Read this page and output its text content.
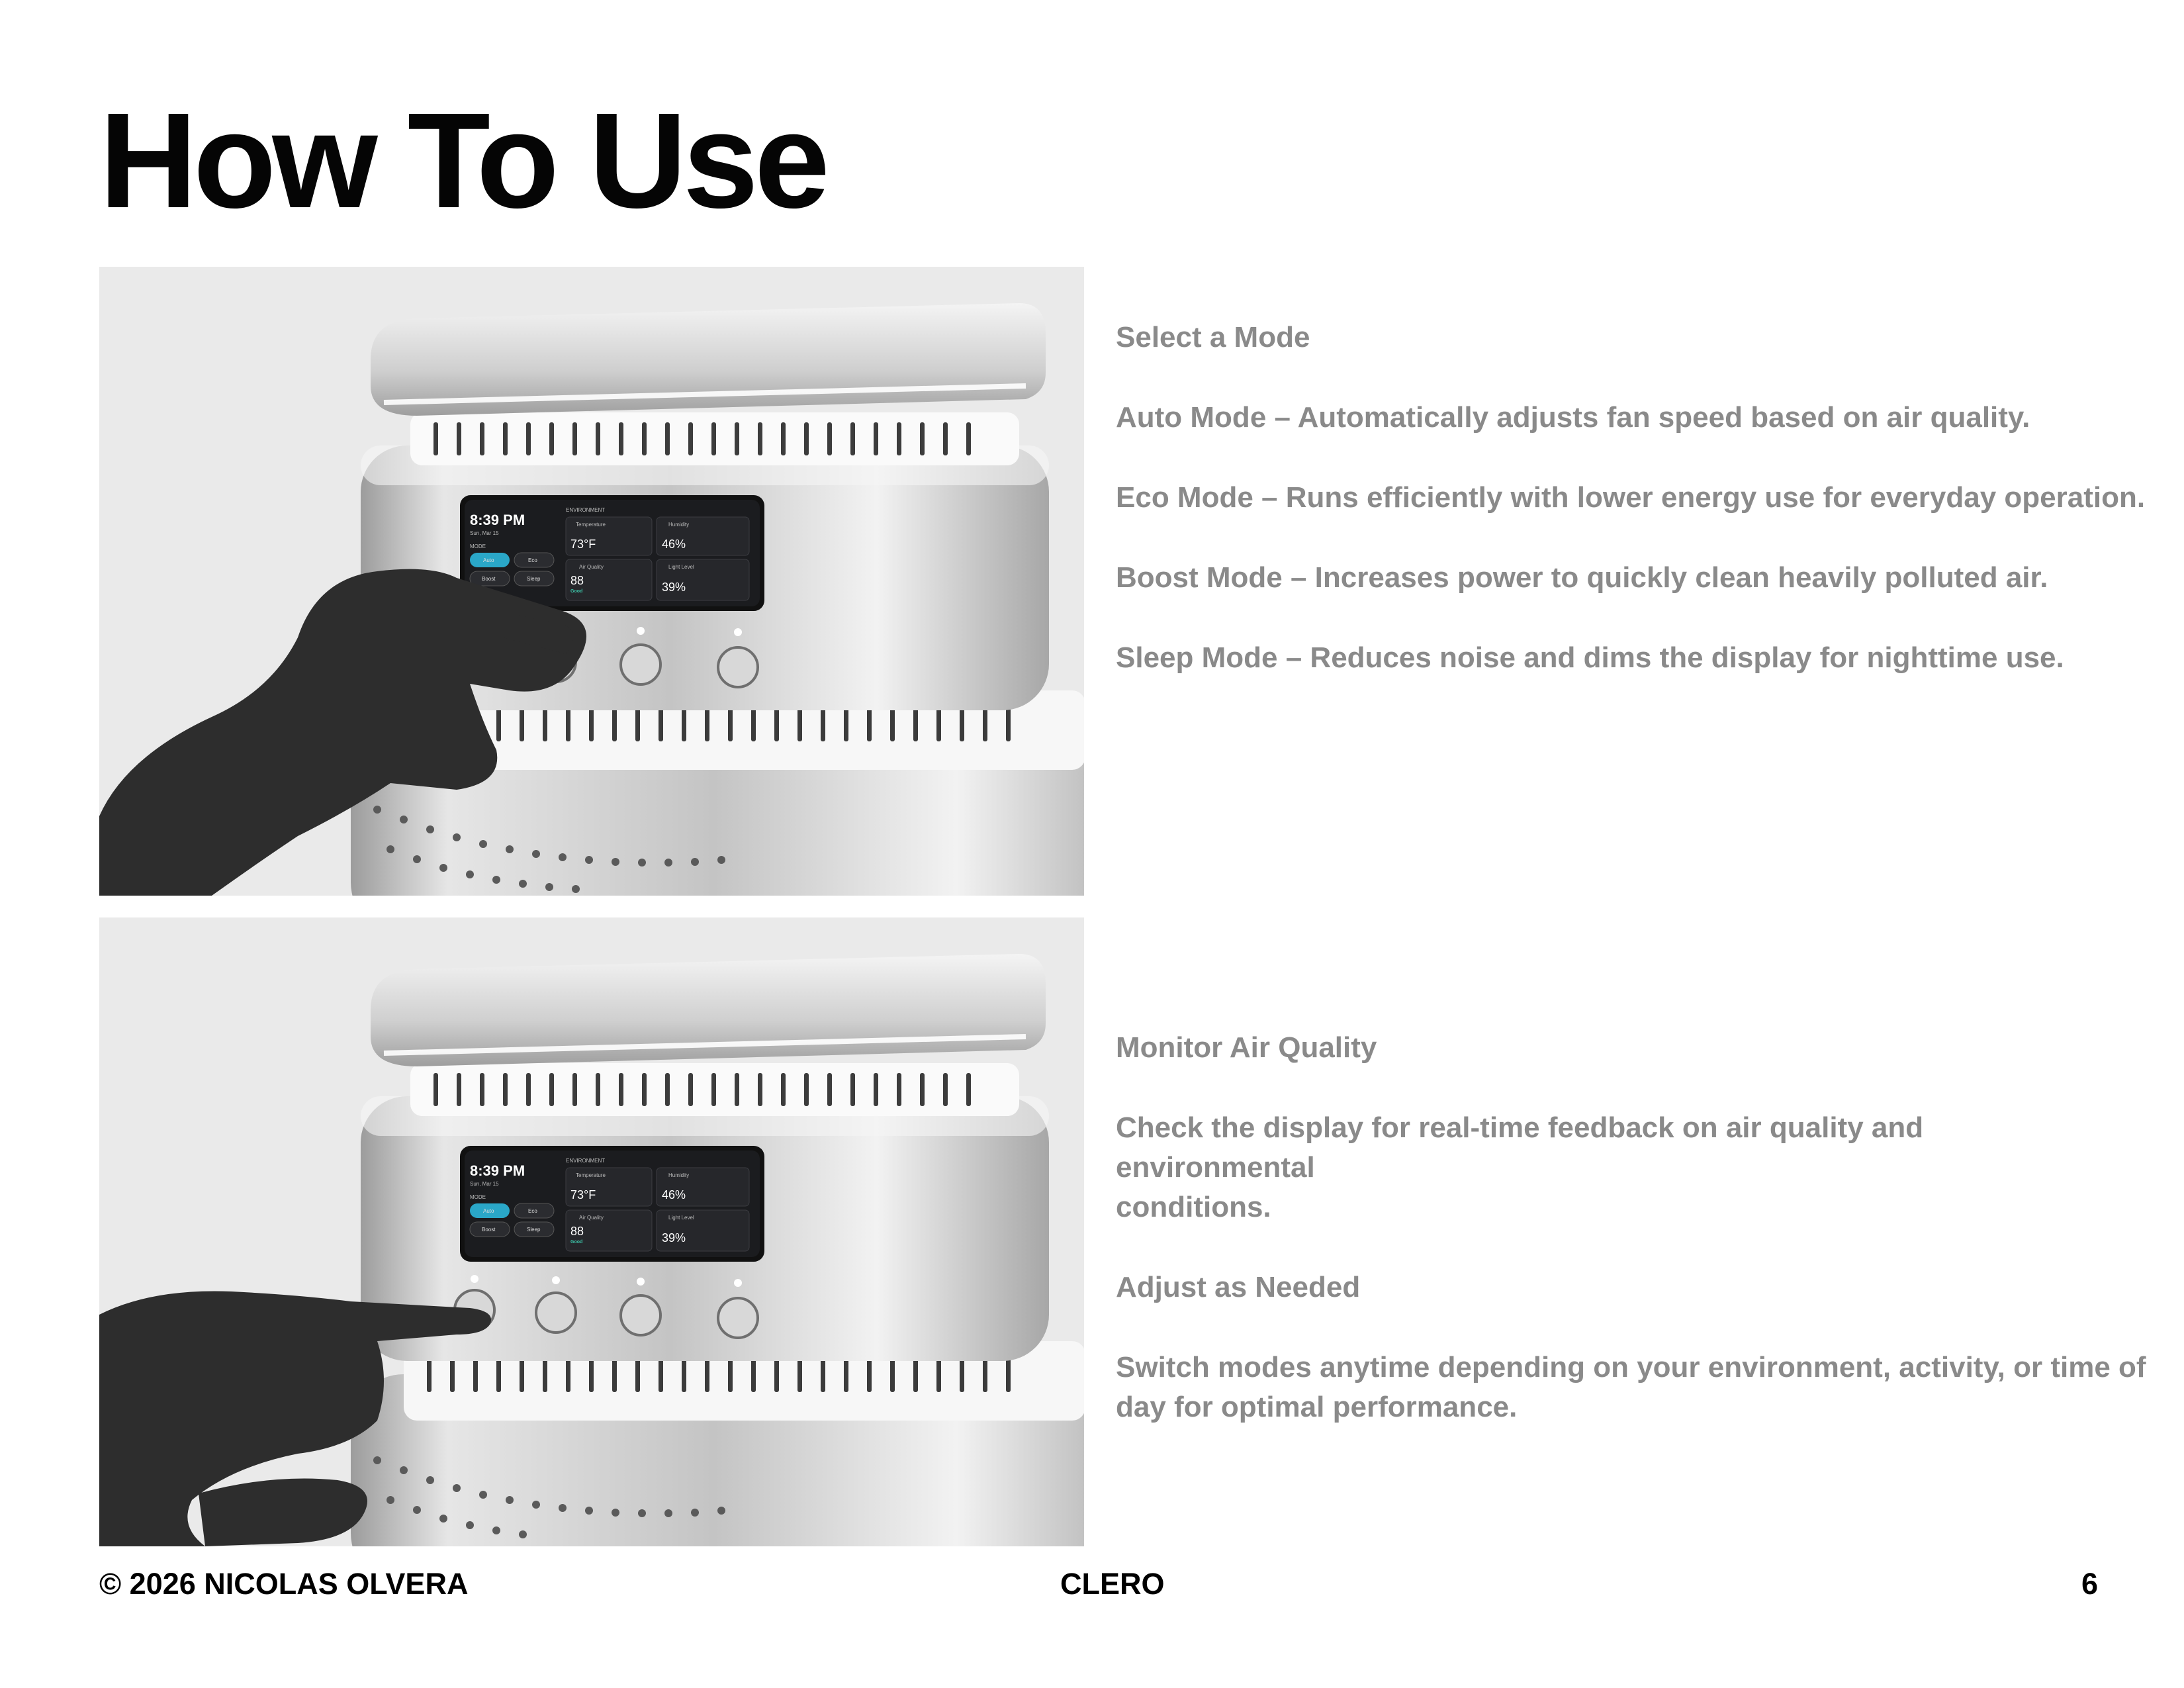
How To Use
8:39 PM
Sun, Mar 15
MODE
Auto	Eco
Boost	Sleep
ENVIRONMENT
Temperature
73°F
Humidity
46%
Air Quality
88
Good
Light Level
39%
8:39 PM
Sun, Mar 15
MODE
Auto	Eco
Boost	Sleep
ENVIRONMENT
Temperature
73°F
Humidity
46%
Air Quality
88
Good
Light Level
39%

Select a Mode

Auto Mode – Automatically adjusts fan speed based on air quality.

Eco Mode – Runs efficiently with lower energy use for everyday operation.

Boost Mode – Increases power to quickly clean heavily polluted air.

Sleep Mode – Reduces noise and dims the display for nighttime use.

Monitor Air Quality

Check the display for real-time feedback on air quality and
environmental
conditions.

Adjust as Needed

Switch modes anytime depending on your environment, activity, or time of day for optimal performance.

© 2026 NICOLAS OLVERA	CLERO	6
